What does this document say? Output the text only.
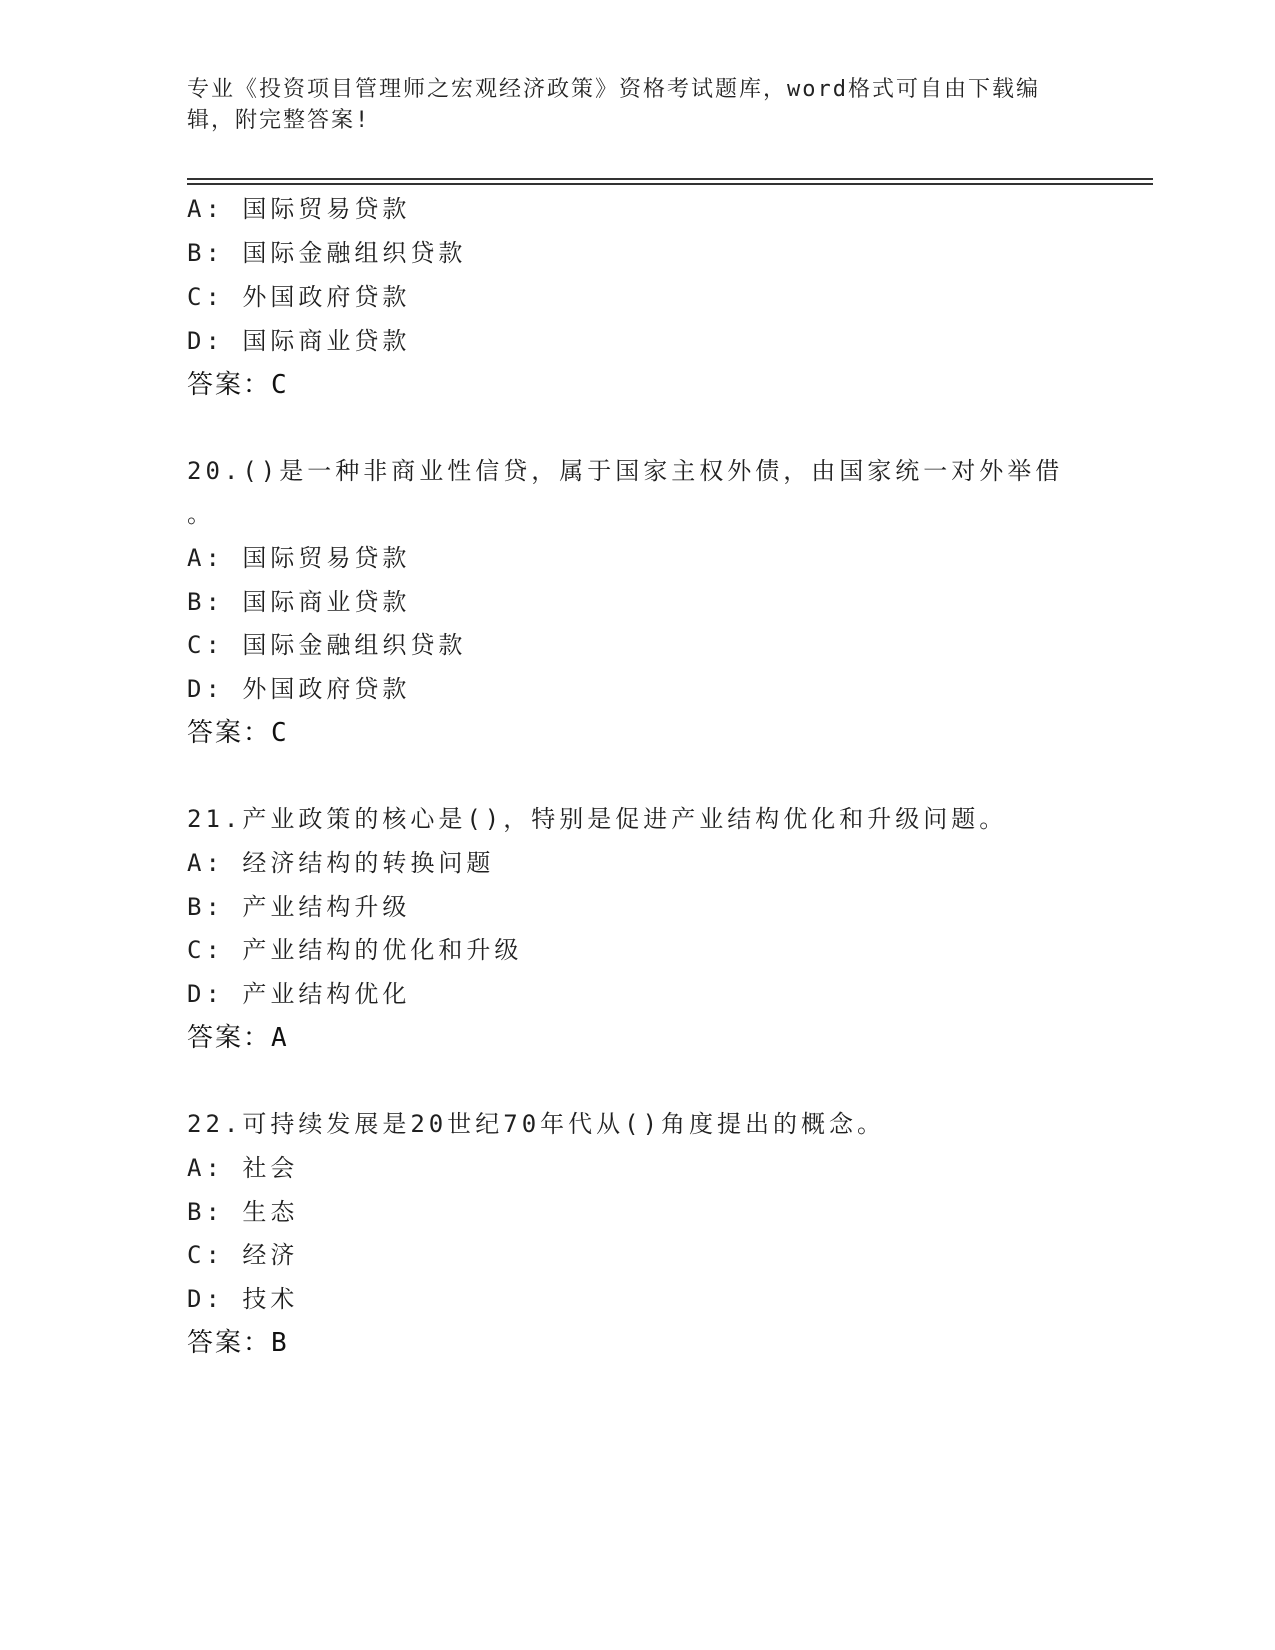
专业《投资项目管理师之宏观经济政策》资格考试题库，word格式可自由下载编辑，附完整答案!
A: 国际贸易贷款
B: 国际金融组织贷款
C: 外国政府贷款
D: 国际商业贷款
答案：C
20.()是一种非商业性信贷，属于国家主权外债，由国家统一对外举借
。
A: 国际贸易贷款
B: 国际商业贷款
C: 国际金融组织贷款
D: 外国政府贷款
答案：C
21.产业政策的核心是()，特别是促进产业结构优化和升级问题。
A: 经济结构的转换问题
B: 产业结构升级
C: 产业结构的优化和升级
D: 产业结构优化
答案：A
22.可持续发展是20世纪70年代从()角度提出的概念。
A: 社会
B: 生态
C: 经济
D: 技术
答案：B
